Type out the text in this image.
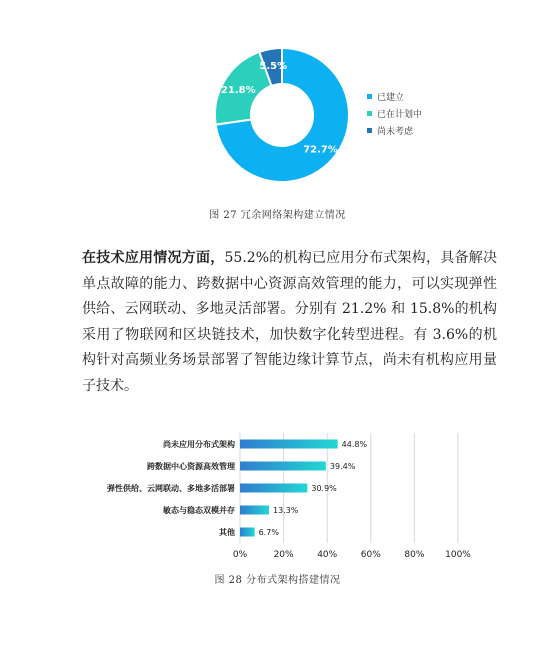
72.7%
21.8%
5.5%
已建立
已在计划中
尚未考虑
图 27 冗余网络架构建立情况

在技术应用情况方面，55.2%的机构已应用分布式架构，具备解决单点故障的能力、跨数据中心资源高效管理的能力，可以实现弹性供给、云网联动、多地灵活部署。分别有 21.2% 和 15.8%的机构采用了物联网和区块链技术，加快数字化转型进程。有 3.6%的机构针对高频业务场景部署了智能边缘计算节点，尚未有机构应用量子技术。

0%	20%	40%	60%	80% 100%
尚未应用分布式架构	44.8%
跨数据中心资源高效管理	39.4%
弹性供给、云网联动、多地多活部署	30.9%
敏态与稳态双模并存	13.3%
其他	6.7%
图 28 分布式架构搭建情况
